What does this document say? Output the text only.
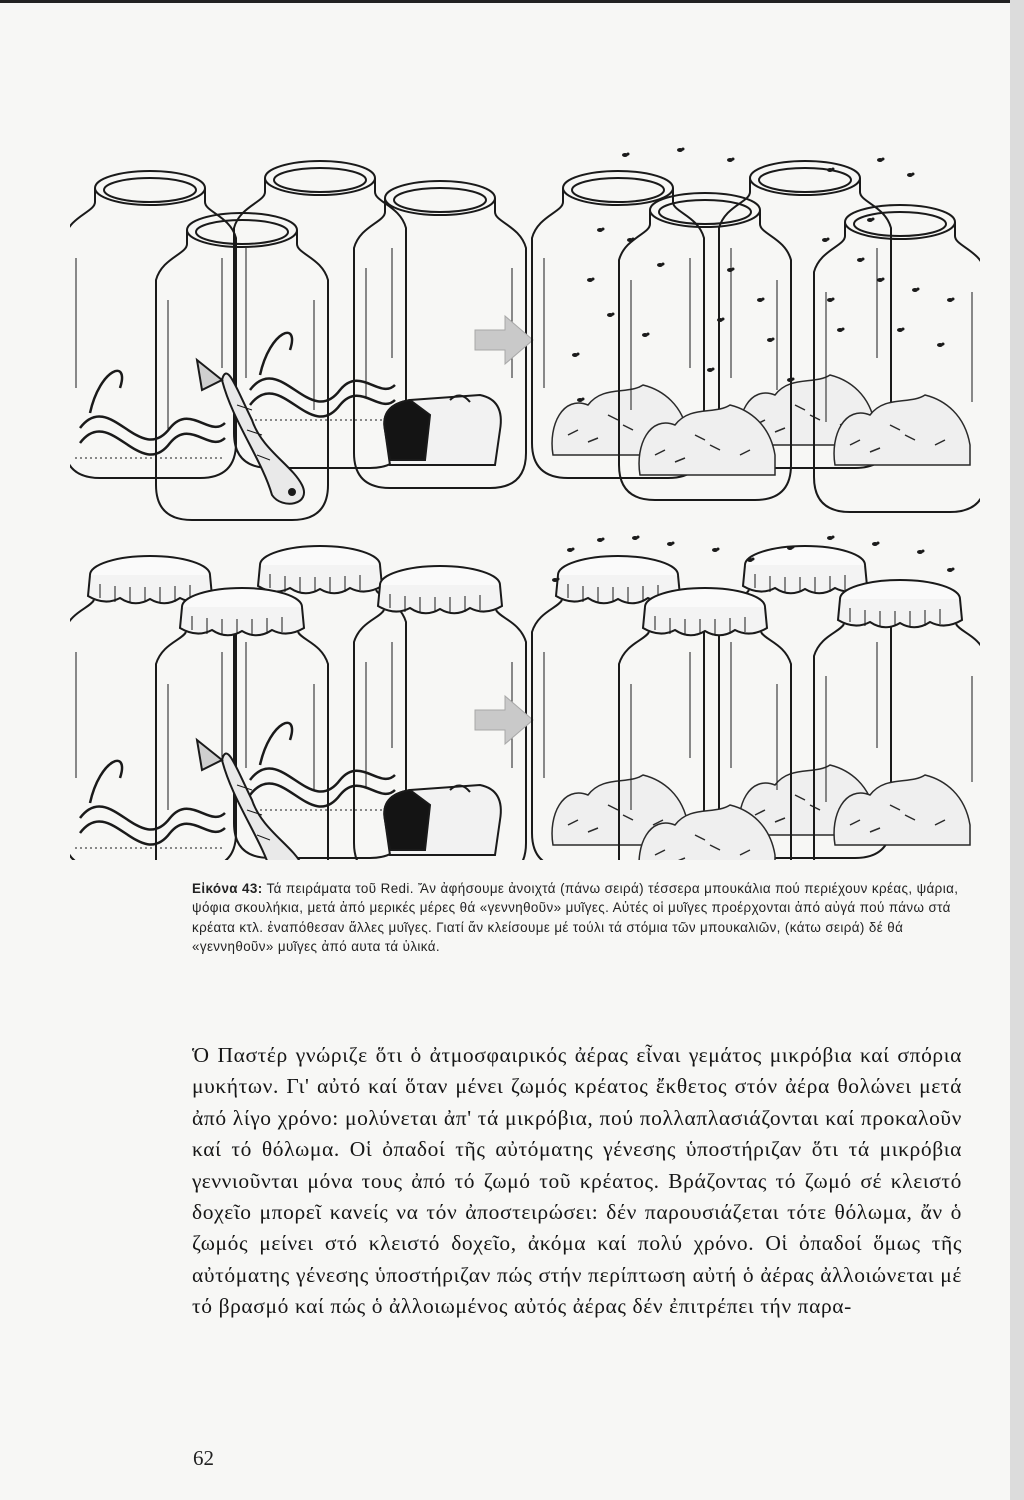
Εἰκόνα 43: Τά πειράματα τοῦ Redi. Ἄν ἀφήσουμε ἀνοιχτά (πάνω σειρά) τέσσερα μπουκάλια πού περιέχουν κρέας, ψάρια, ψόφια σκουλήκια, μετά ἀπό μερικές μέρες θά «γεννηθοῦν» μυῖγες. Αὐτές οἱ μυῖγες προέρχονται ἀπό αὐγά πού πάνω στά κρέατα κτλ. ἐναπόθεσαν ἄλλες μυῖγες. Γιατί ἄν κλείσουμε μέ τούλι τά στόμια τῶν μπουκαλιῶν, (κάτω σειρά) δέ θά «γεννηθοῦν» μυῖγες ἀπό αυτα τά ὑλικά.

Ὁ Παστέρ γνώριζε ὅτι ὁ ἀτμοσφαιρικός ἀέρας εἶναι γεμάτος μικρόβια καί σπόρια μυκήτων. Γι' αὐτό καί ὅταν μένει ζωμός κρέατος ἔκθετος στόν ἀέρα θολώνει μετά ἀπό λίγο χρόνο: μολύνεται ἀπ' τά μικρόβια, πού πολλαπλασιάζονται καί προκαλοῦν καί τό θόλωμα. Οἱ ὀπαδοί τῆς αὐτόματης γένεσης ὑποστήριζαν ὅτι τά μικρόβια γεννιοῦνται μόνα τους ἀπό τό ζωμό τοῦ κρέατος. Βράζοντας τό ζωμό σέ κλειστό δοχεῖο μπορεῖ κανείς να τόν ἀποστειρώσει: δέν παρουσιάζεται τότε θόλωμα, ἄν ὁ ζωμός μείνει στό κλειστό δοχεῖο, ἀκόμα καί πολύ χρόνο. Οἱ ὀπαδοί ὅμως τῆς αὐτόματης γένεσης ὑποστήριζαν πώς στήν περίπτωση αὐτή ὁ ἀέρας ἀλλοιώνεται μέ τό βρασμό καί πώς ὁ ἀλλοιωμένος αὐτός ἀέρας δέν ἐπιτρέπει τήν παρα-

62
